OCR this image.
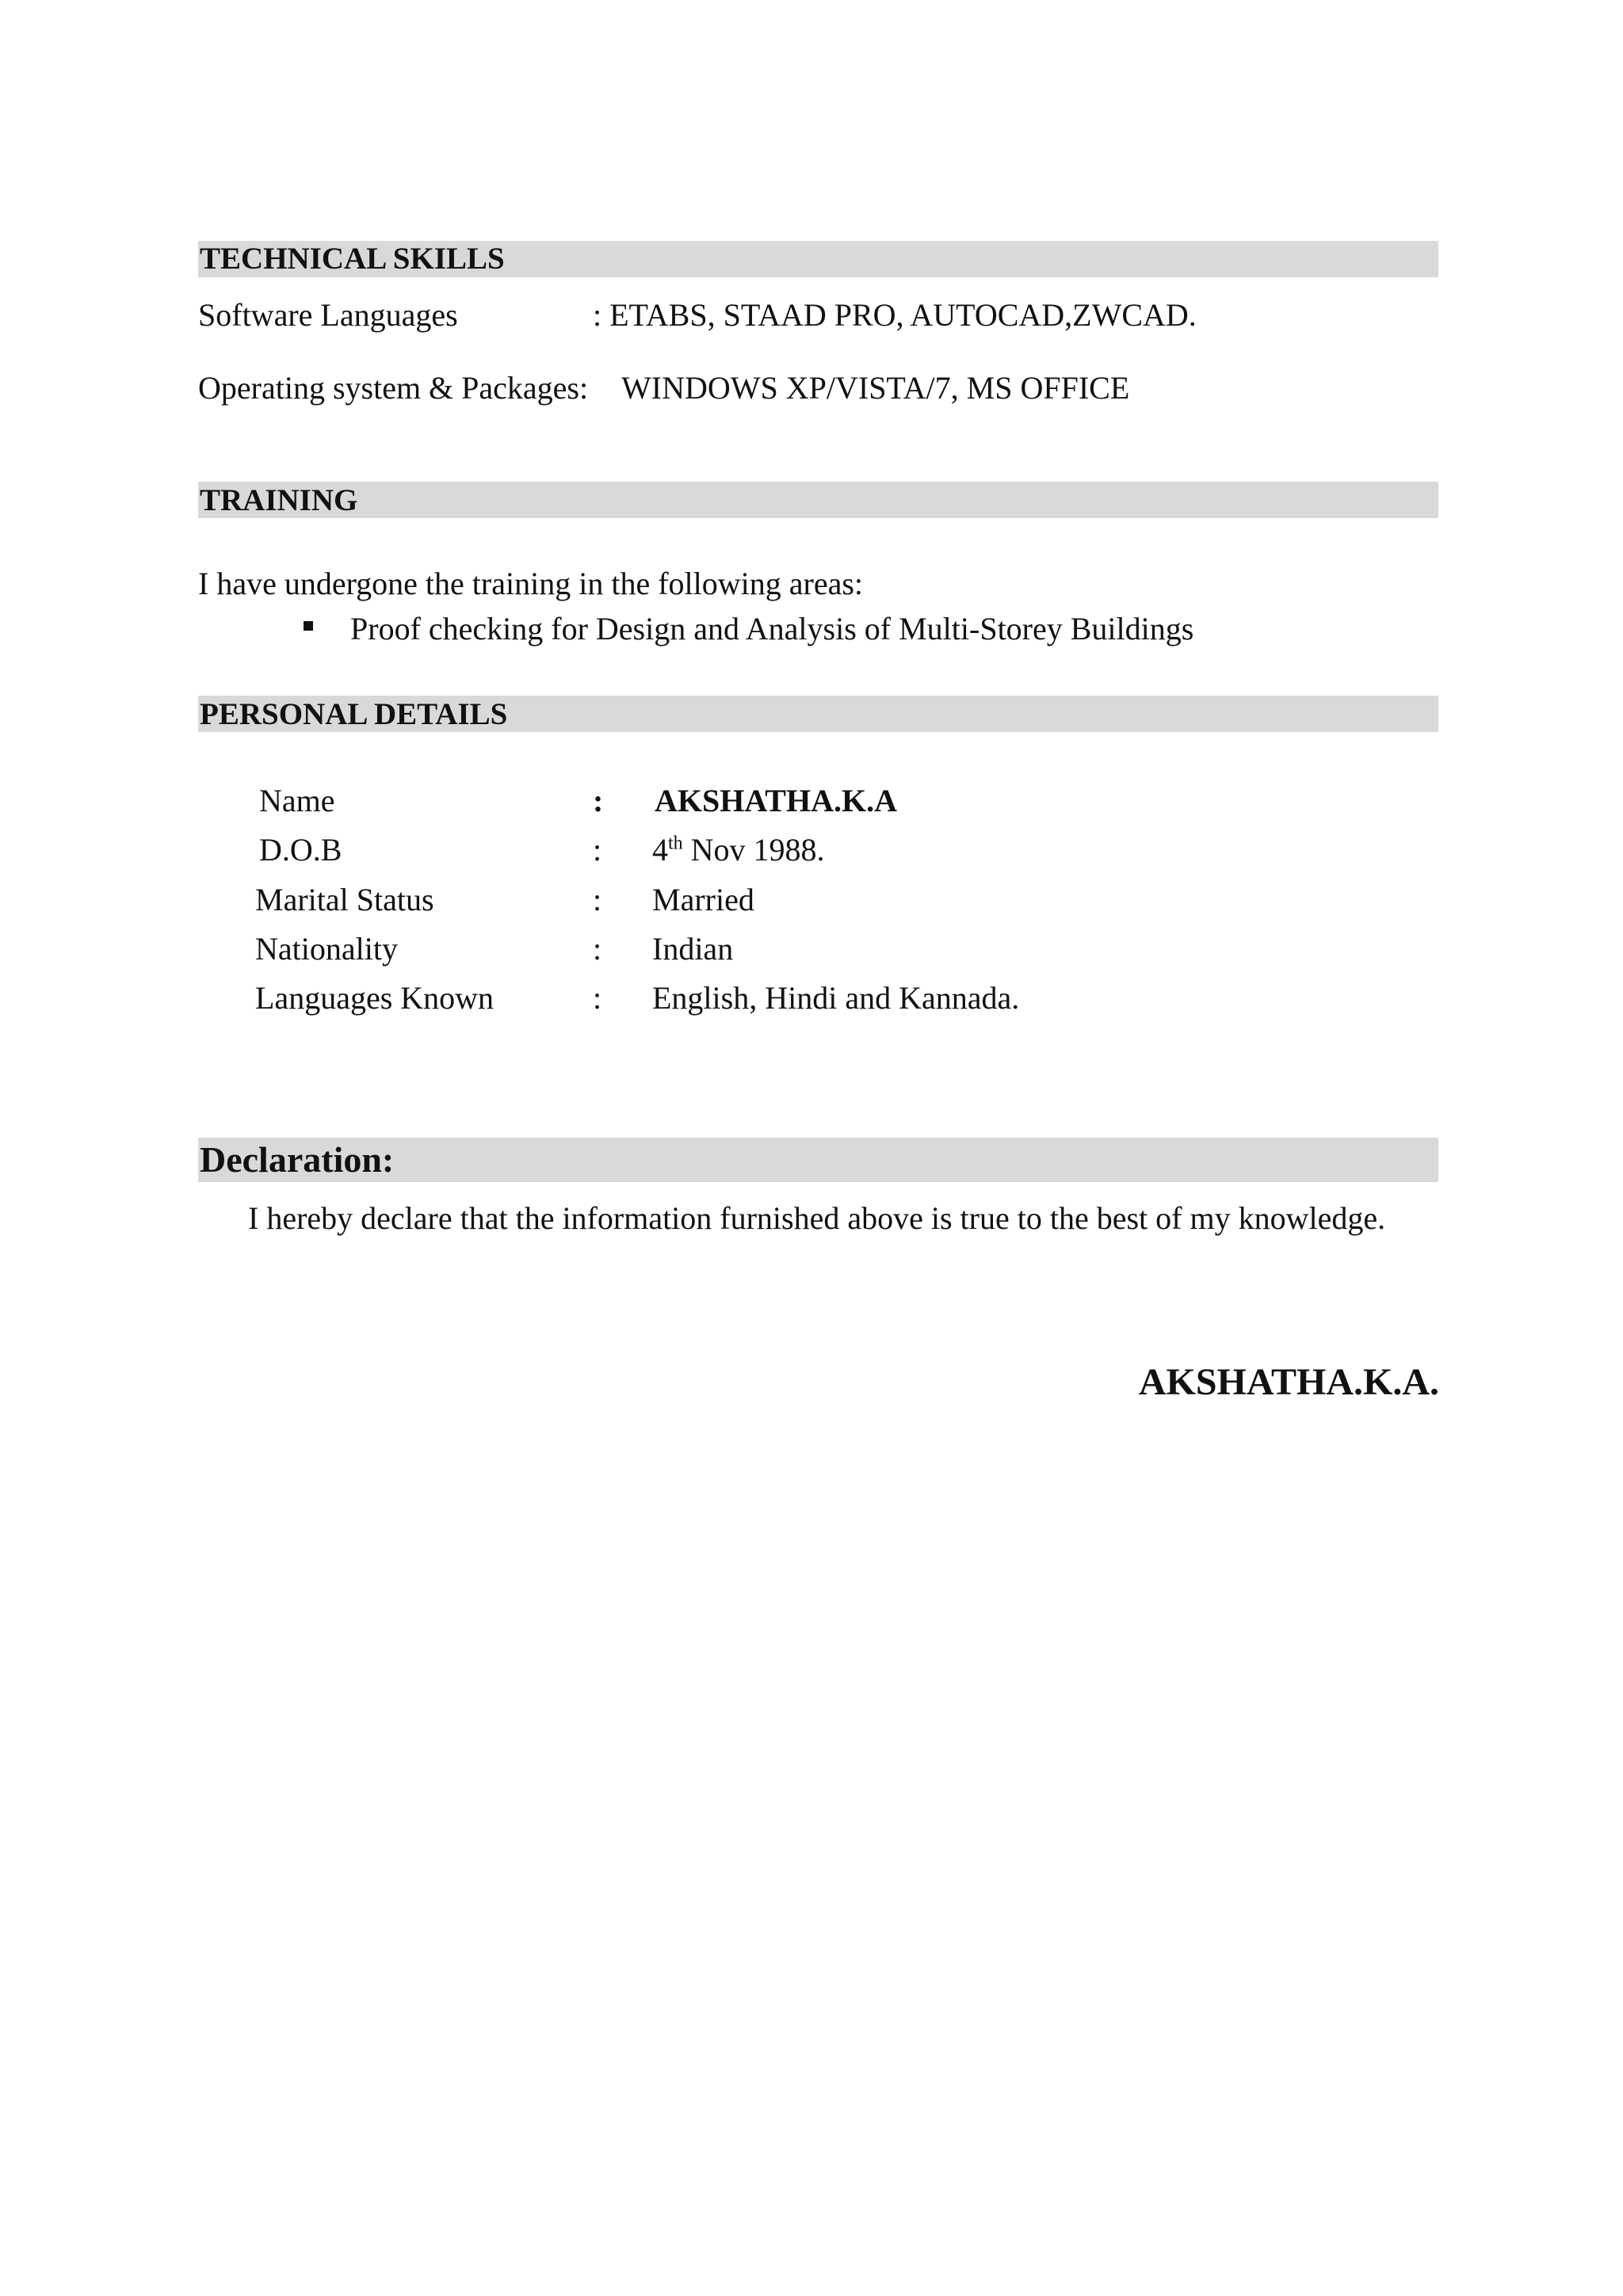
TECHNICAL SKILLS
Software Languages	: ETABS, STAAD PRO, AUTOCAD,ZWCAD.
Operating system & Packages: WINDOWS XP/VISTA/7, MS OFFICE
TRAINING
I have undergone the training in the following areas:
Proof checking for Design and Analysis of Multi-Storey Buildings
PERSONAL DETAILS
Name	: AKSHATHA.K.A
D.O.B	: 4th Nov 1988.
Marital Status	: Married
Nationality	: Indian
Languages Known	: English, Hindi and Kannada.
Declaration:
I hereby declare that the information furnished above is true to the best of my knowledge.
AKSHATHA.K.A.
